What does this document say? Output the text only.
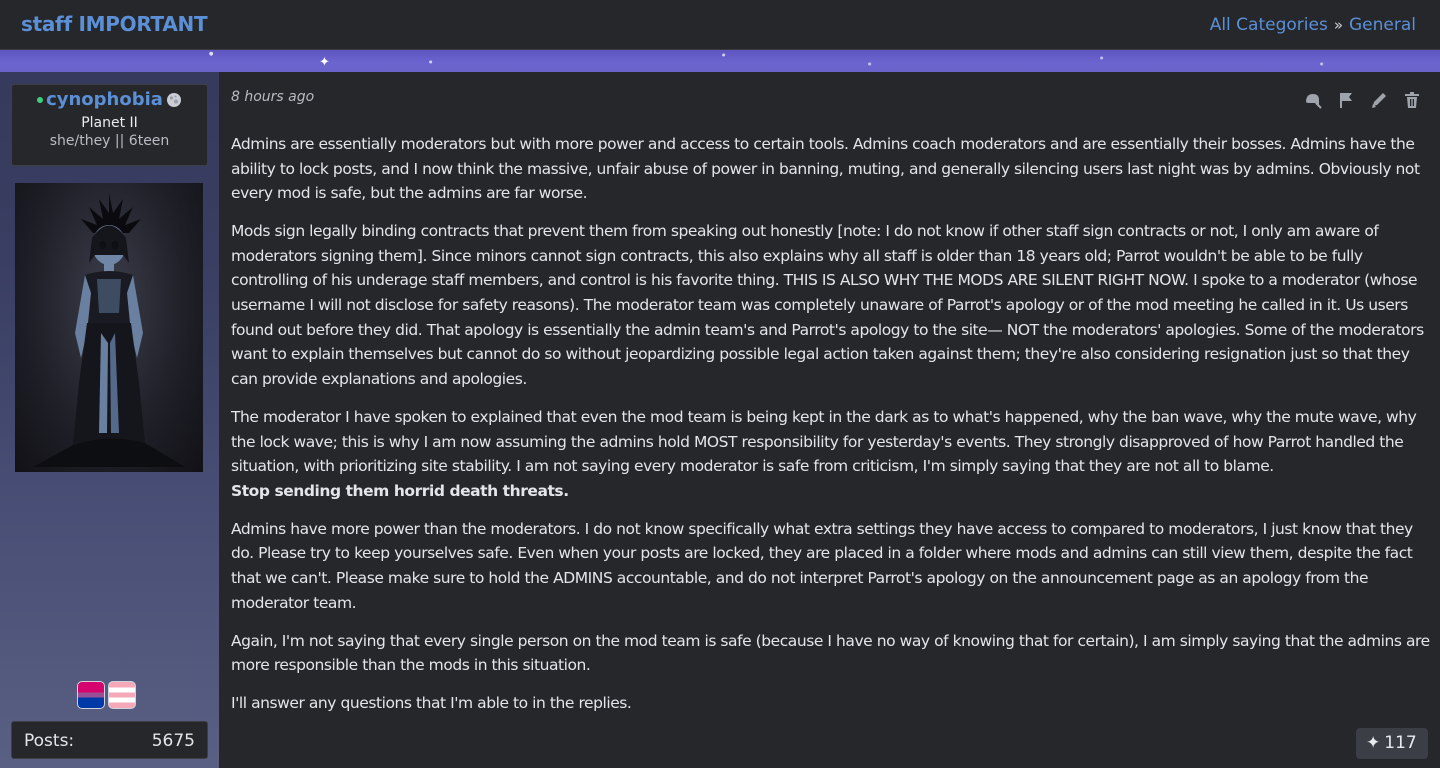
staff IMPORTANT	All Categories » General
✦
●
●
●
●
●
●
cynophobia
Planet II
she/they || 6teen
Posts:	5675
8 hours ago

Admins are essentially moderators but with more power and access to certain tools. Admins coach moderators and are essentially their bosses. Admins have the ability to lock posts, and I now think the massive, unfair abuse of power in banning, muting, and generally silencing users last night was by admins. Obviously not every mod is safe, but the admins are far worse.

Mods sign legally binding contracts that prevent them from speaking out honestly [note: I do not know if other staff sign contracts or not, I only am aware of moderators signing them]. Since minors cannot sign contracts, this also explains why all staff is older than 18 years old; Parrot wouldn't be able to be fully controlling of his underage staff members, and control is his favorite thing. THIS IS ALSO WHY THE MODS ARE SILENT RIGHT NOW. I spoke to a moderator (whose username I will not disclose for safety reasons). The moderator team was completely unaware of Parrot's apology or of the mod meeting he called in it. Us users found out before they did. That apology is essentially the admin team's and Parrot's apology to the site— NOT the moderators' apologies. Some of the moderators want to explain themselves but cannot do so without jeopardizing possible legal action taken against them; they're also considering resignation just so that they can provide explanations and apologies.

The moderator I have spoken to explained that even the mod team is being kept in the dark as to what's happened, why the ban wave, why the mute wave, why the lock wave; this is why I am now assuming the admins hold MOST responsibility for yesterday's events. They strongly disapproved of how Parrot handled the situation, with prioritizing site stability. I am not saying every moderator is safe from criticism, I'm simply saying that they are not all to blame.
Stop sending them horrid death threats.

Admins have more power than the moderators. I do not know specifically what extra settings they have access to compared to moderators, I just know that they do. Please try to keep yourselves safe. Even when your posts are locked, they are placed in a folder where mods and admins can still view them, despite the fact that we can't. Please make sure to hold the ADMINS accountable, and do not interpret Parrot's apology on the announcement page as an apology from the moderator team.

Again, I'm not saying that every single person on the mod team is safe (because I have no way of knowing that for certain), I am simply saying that the admins are more responsible than the mods in this situation.

I'll answer any questions that I'm able to in the replies.

✦ 117
